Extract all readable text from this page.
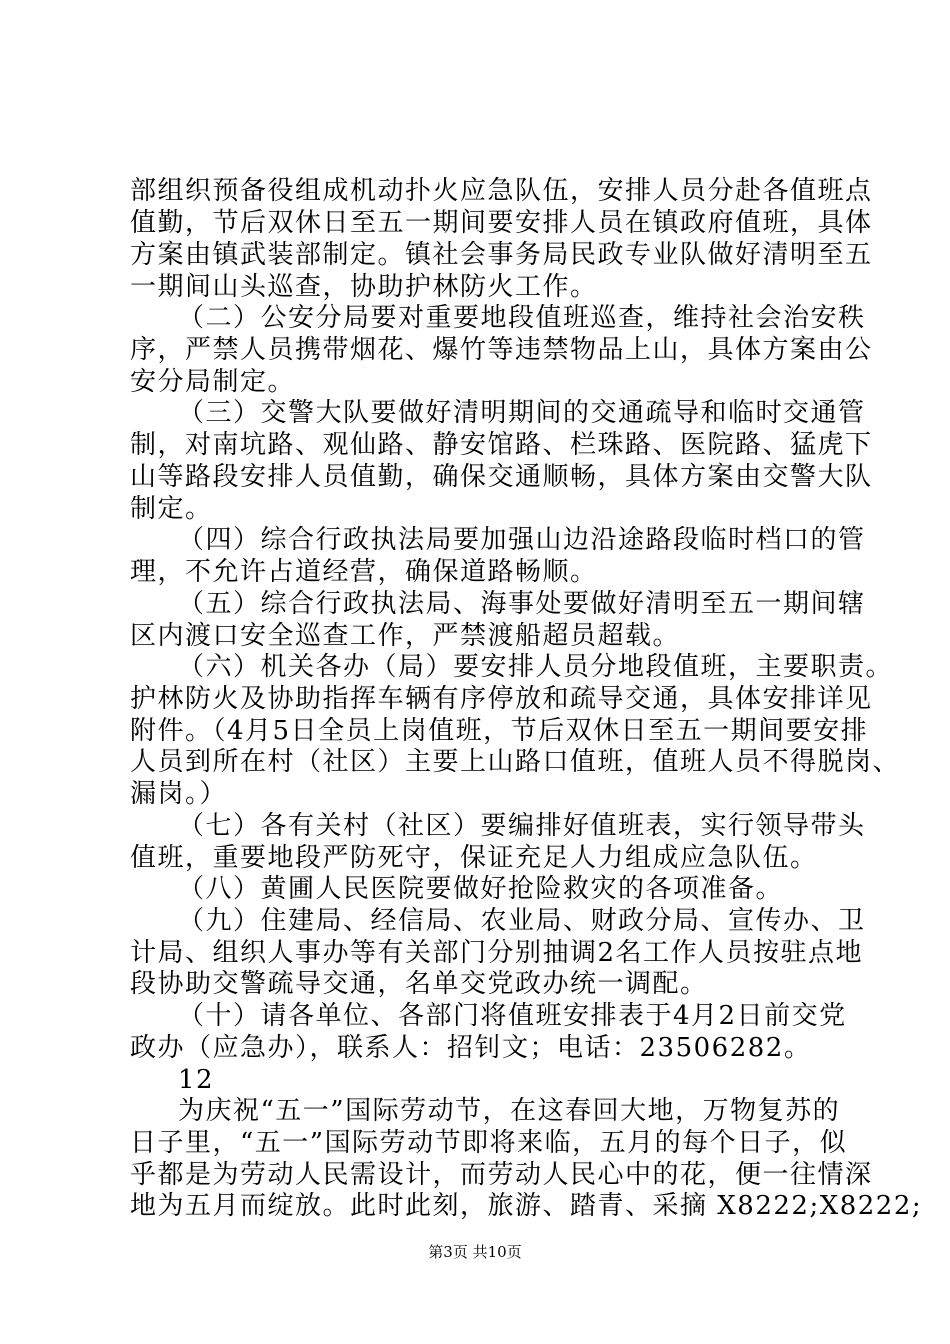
部组织预备役组成机动扑火应急队伍，安排人员分赴各值班点

值勤，节后双休日至五一期间要安排人员在镇政府值班，具体

方案由镇武装部制定。镇社会事务局民政专业队做好清明至五

一期间山头巡查，协助护林防火工作。

（二）公安分局要对重要地段值班巡查，维持社会治安秩

序，严禁人员携带烟花、爆竹等违禁物品上山，具体方案由公

安分局制定。

（三）交警大队要做好清明期间的交通疏导和临时交通管

制，对南坑路、观仙路、静安馆路、栏珠路、医院路、猛虎下

山等路段安排人员值勤，确保交通顺畅，具体方案由交警大队

制定。

（四）综合行政执法局要加强山边沿途路段临时档口的管

理，不允许占道经营，确保道路畅顺。

（五）综合行政执法局、海事处要做好清明至五一期间辖

区内渡口安全巡查工作，严禁渡船超员超载。

（六）机关各办（局）要安排人员分地段值班，主要职责。

护林防火及协助指挥车辆有序停放和疏导交通，具体安排详见

附件。（4月5日全员上岗值班，节后双休日至五一期间要安排

人员到所在村（社区）主要上山路口值班，值班人员不得脱岗、

漏岗。）

（七）各有关村（社区）要编排好值班表，实行领导带头

值班，重要地段严防死守，保证充足人力组成应急队伍。

（八）黄圃人民医院要做好抢险救灾的各项准备。

（九）住建局、经信局、农业局、财政分局、宣传办、卫

计局、组织人事办等有关部门分别抽调2名工作人员按驻点地

段协助交警疏导交通，名单交党政办统一调配。

（十）请各单位、各部门将值班安排表于4月2日前交党

政办（应急办），联系人：招钊文；电话：23506282。

12

为庆祝“五一”国际劳动节，在这春回大地，万物复苏的

日子里，“五一”国际劳动节即将来临，五月的每个日子，似

乎都是为劳动人民需设计，而劳动人民心中的花，便一往情深

地为五月而绽放。此时此刻，旅游、踏青、采摘 X8222;X8222;

第3页 共10页
